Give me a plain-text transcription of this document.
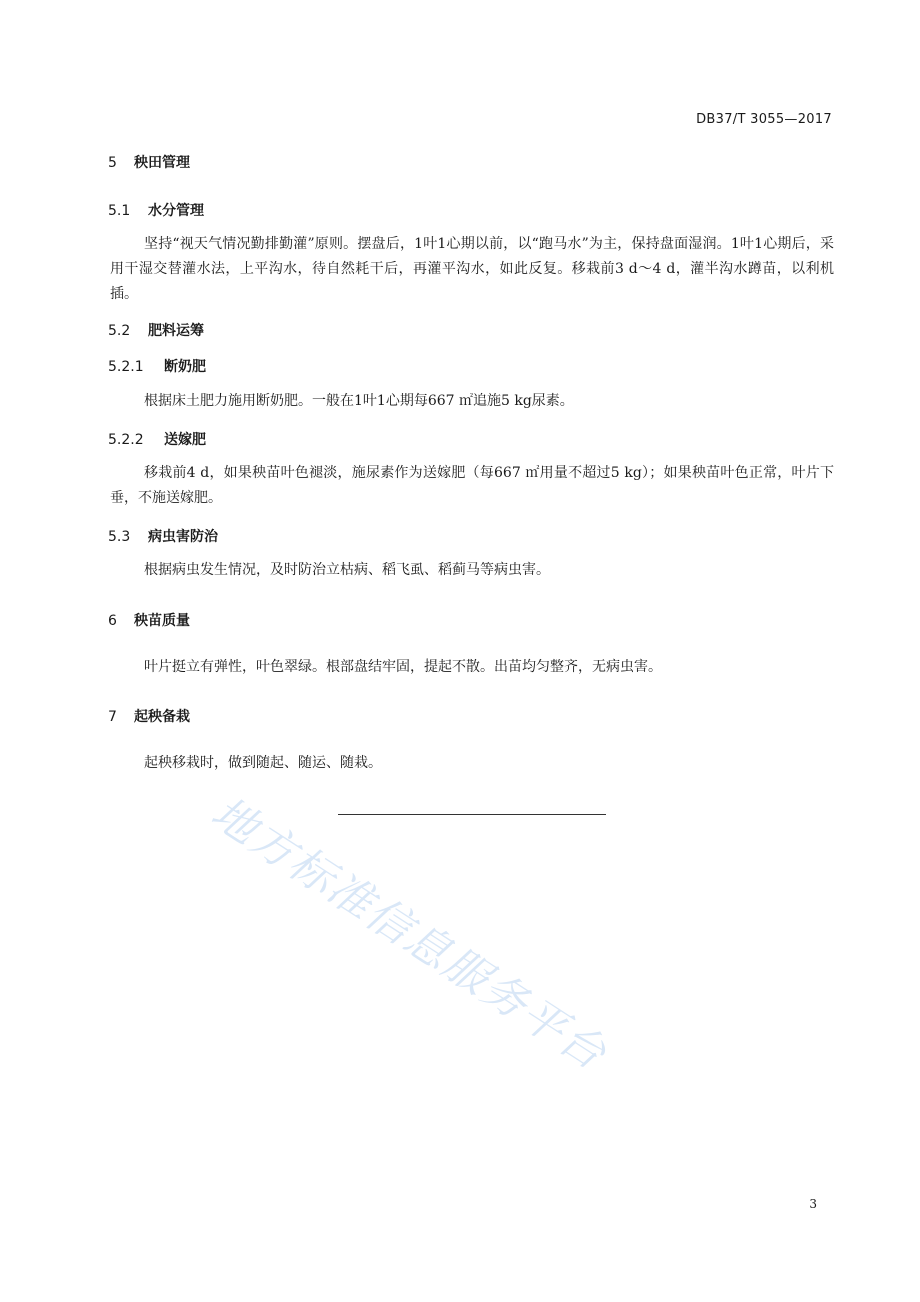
DB37/T 3055—2017
5 秧田管理
5.1 水分管理
坚持“视天气情况勤排勤灌”原则。摆盘后，1叶1心期以前，以“跑马水”为主，保持盘面湿润。1叶1心期后，采用干湿交替灌水法，上平沟水，待自然耗干后，再灌平沟水，如此反复。移栽前3 d～4 d，灌半沟水蹲苗，以利机插。
5.2 肥料运筹
5.2.1 断奶肥
根据床土肥力施用断奶肥。一般在1叶1心期每667 ㎡追施5 kg尿素。
5.2.2 送嫁肥
移栽前4 d，如果秧苗叶色褪淡，施尿素作为送嫁肥（每667 ㎡用量不超过5 kg）；如果秧苗叶色正常，叶片下垂，不施送嫁肥。
5.3 病虫害防治
根据病虫发生情况，及时防治立枯病、稻飞虱、稻蓟马等病虫害。
6 秧苗质量
叶片挺立有弹性，叶色翠绿。根部盘结牢固，提起不散。出苗均匀整齐，无病虫害。
7 起秧备栽
起秧移栽时，做到随起、随运、随栽。
地方标准信息服务平台
3
